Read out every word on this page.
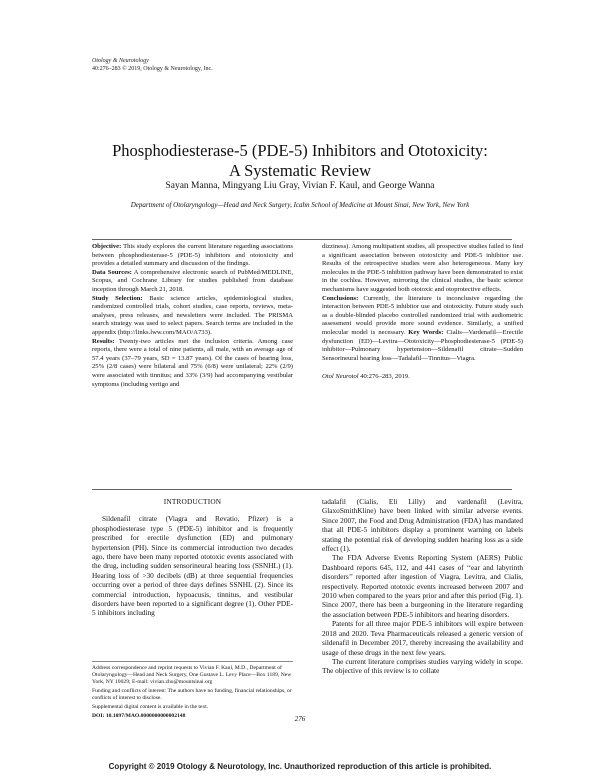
Otology & Neurotology
40:276–283 © 2019, Otology & Neurotology, Inc.
Phosphodiesterase-5 (PDE-5) Inhibitors and Ototoxicity:
A Systematic Review
Sayan Manna, Mingyang Liu Gray, Vivian F. Kaul, and George Wanna
Department of Otolaryngology—Head and Neck Surgery, Icahn School of Medicine at Mount Sinai, New York, New York

Objective: This study explores the current literature regarding associations between phosphodiesterase-5 (PDE-5) inhibitors and ototoxicity and provides a detailed summary and discussion of the findings.

Data Sources: A comprehensive electronic search of PubMed/MEDLINE, Scopus, and Cochrane Library for studies published from database inception through March 21, 2018.

Study Selection: Basic science articles, epidemiological studies, randomized controlled trials, cohort studies, case reports, reviews, meta-analyses, press releases, and newsletters were included. The PRISMA search strategy was used to select papers. Search terms are included in the appendix (http://links.lww.com/MAO/A733).

Results: Twenty-two articles met the inclusion criteria. Among case reports, there were a total of nine patients, all male, with an average age of 57.4 years (37–79 years, SD = 13.87 years). Of the cases of hearing loss, 25% (2/8 cases) were bilateral and 75% (6/8) were unilateral; 22% (2/9) were associated with tinnitus; and 33% (3/9) had accompanying vestibular symptoms (including vertigo and

dizziness). Among multipatient studies, all prospective studies failed to find a significant association between ototoxicity and PDE-5 inhibitor use. Results of the retrospective studies were also heterogeneous. Many key molecules in the PDE-5 inhibition pathway have been demonstrated to exist in the cochlea. However, mirroring the clinical studies, the basic science mechanisms have suggested both ototoxic and otoprotective effects.

Conclusions: Currently, the literature is inconclusive regarding the interaction between PDE-5 inhibitor use and ototoxicity. Future study such as a double-blinded placebo controlled randomized trial with audiometric assessment would provide more sound evidence. Similarly, a unified molecular model is necessary. Key Words: Cialis—Vardenafil—Erectile dysfunction (ED)—Levitra—Ototoxicity—Phosphodiesterase-5 (PDE-5) inhibitor—Pulmonary hypertension—Sildenafil citrate—Sudden Sensorineural hearing loss—Tadalafil—Tinnitus—Viagra.

Otol Neurotol 40:276–283, 2019.

INTRODUCTION

Sildenafil citrate (Viagra and Revatio, Pfizer) is a phosphodiesterase type 5 (PDE-5) inhibitor and is frequently prescribed for erectile dysfunction (ED) and pulmonary hypertension (PH). Since its commercial introduction two decades ago, there have been many reported ototoxic events associated with the drug, including sudden sensorineural hearing loss (SSNHL) (1). Hearing loss of >30 decibels (dB) at three sequential frequencies occurring over a period of three days defines SSNHL (2). Since its commercial introduction, hypoacusis, tinnitus, and vestibular disorders have been reported to a significant degree (1). Other PDE-5 inhibitors including

tadalafil (Cialis, Eli Lilly) and vardenafil (Levitra, GlaxoSmithKline) have been linked with similar adverse events. Since 2007, the Food and Drug Administration (FDA) has mandated that all PDE-5 inhibitors display a prominent warning on labels stating the potential risk of developing sudden hearing loss as a side effect (1).

The FDA Adverse Events Reporting System (AERS) Public Dashboard reports 645, 112, and 441 cases of ‘‘ear and labyrinth disorders’’ reported after ingestion of Viagra, Levitra, and Cialis, respectively. Reported ototoxic events increased between 2007 and 2010 when compared to the years prior and after this period (Fig. 1). Since 2007, there has been a burgeoning in the literature regarding the association between PDE-5 inhibitors and hearing disorders.

Patents for all three major PDE-5 inhibitors will expire between 2018 and 2020. Teva Pharmaceuticals released a generic version of sildenafil in December 2017, thereby increasing the availability and usage of these drugs in the next few years.

The current literature comprises studies varying widely in scope. The objective of this review is to collate

Address correspondence and reprint requests to Vivian F. Kaul, M.D., Department of Otolaryngology—Head and Neck Surgery, One Gustave L. Levy Place—Box 1189, New York, NY 10029; E-mail: vivian.zhu@mountsinai.org

Funding and conflicts of interest: The authors have no funding, financial relationships, or conflicts of interest to disclose.

Supplemental digital content is available in the text.

DOI: 10.1097/MAO.0000000000002148	276
Copyright © 2019 Otology & Neurotology, Inc. Unauthorized reproduction of this article is prohibited.
